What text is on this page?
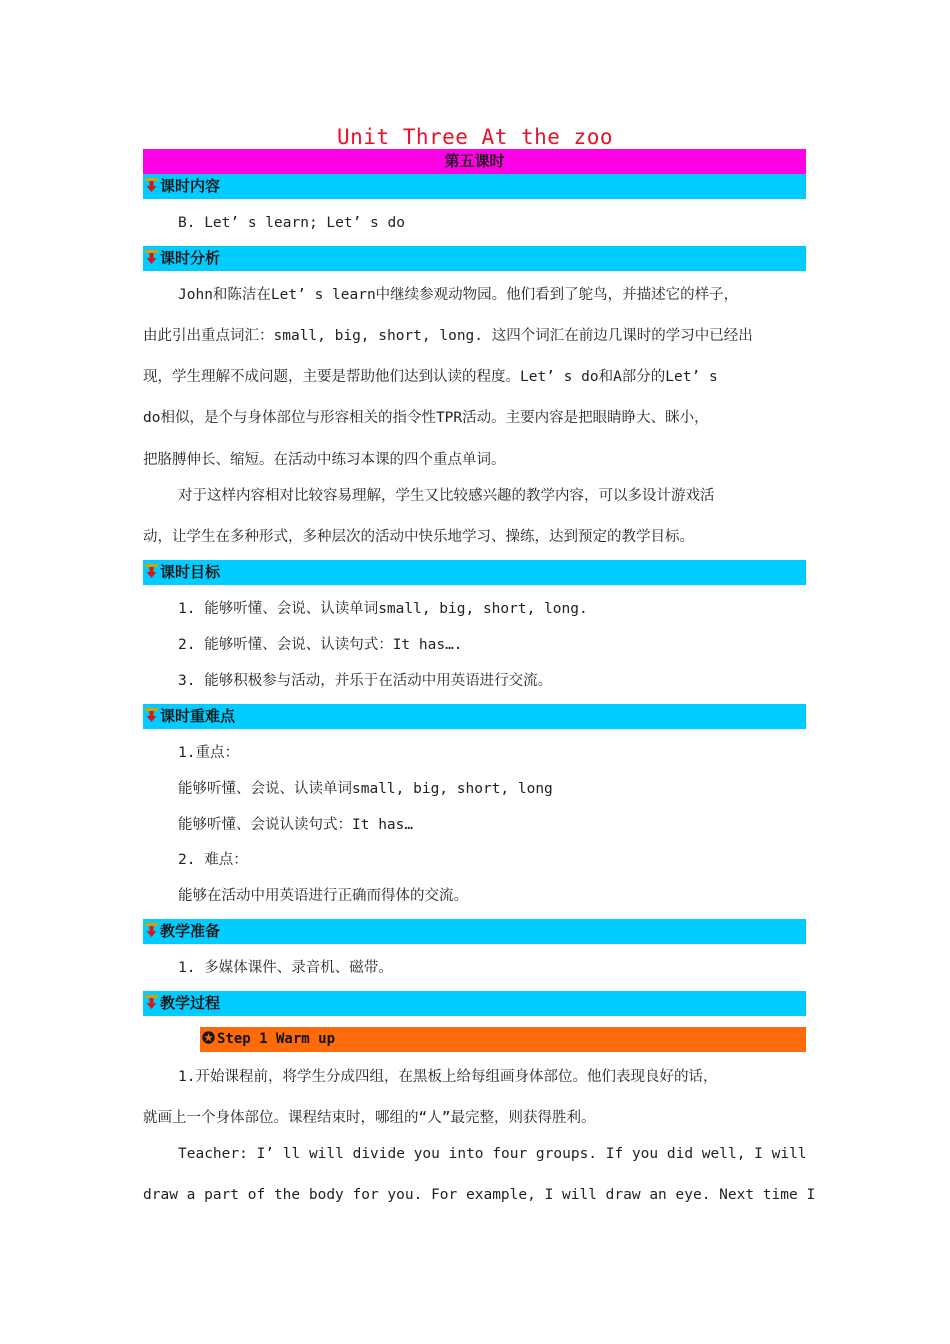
Unit Three At the zoo
第五课时
课时内容
B. Let’ s learn; Let’ s do
课时分析
John和陈洁在Let’ s learn中继续参观动物园。他们看到了鸵鸟，并描述它的样子，
由此引出重点词汇：small, big, short, long. 这四个词汇在前边几课时的学习中已经出
现，学生理解不成问题，主要是帮助他们达到认读的程度。Let’ s do和A部分的Let’ s
do相似，是个与身体部位与形容相关的指令性TPR活动。主要内容是把眼睛睁大、眯小，
把胳膊伸长、缩短。在活动中练习本课的四个重点单词。
对于这样内容相对比较容易理解，学生又比较感兴趣的教学内容，可以多设计游戏活
动，让学生在多种形式，多种层次的活动中快乐地学习、操练，达到预定的教学目标。
课时目标
1. 能够听懂、会说、认读单词small, big, short, long.
2. 能够听懂、会说、认读句式：It has….
3. 能够积极参与活动，并乐于在活动中用英语进行交流。
课时重难点
1.重点：
能够听懂、会说、认读单词small, big, short, long
能够听懂、会说认读句式：It has…
2. 难点：
能够在活动中用英语进行正确而得体的交流。
教学准备
1. 多媒体课件、录音机、磁带。
教学过程
Step 1 Warm up
1.开始课程前，将学生分成四组，在黑板上给每组画身体部位。他们表现良好的话，
就画上一个身体部位。课程结束时，哪组的“人”最完整，则获得胜利。
Teacher: I’ ll will divide you into four groups. If you did well, I will
draw a part of the body for you. For example, I will draw an eye. Next time I
